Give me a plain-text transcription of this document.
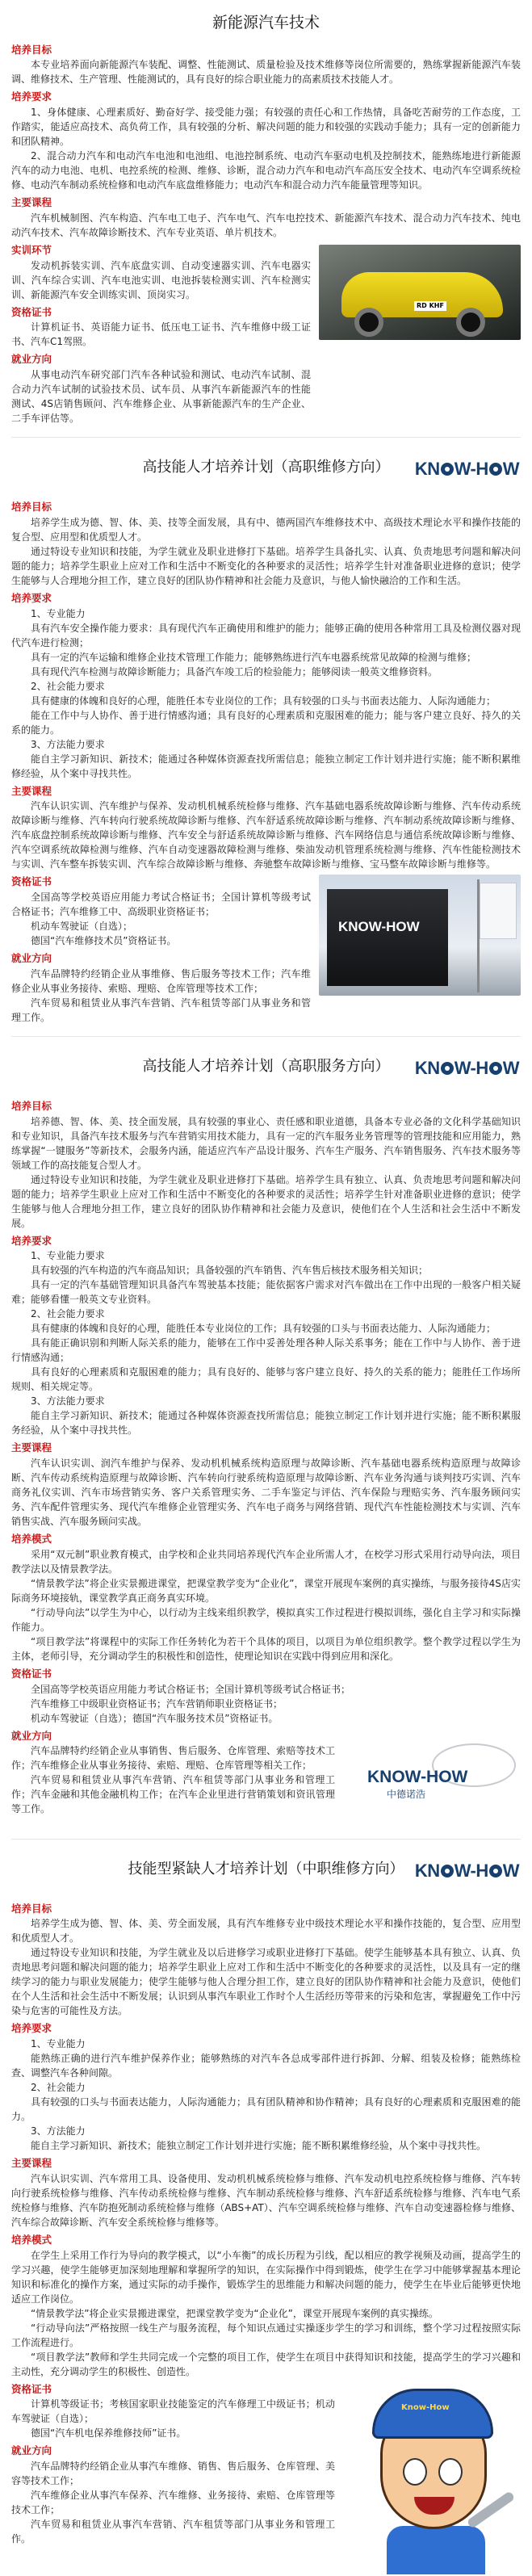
新能源汽车技术
培养目标

本专业培养面向新能源汽车装配、调整、性能测试、质量检验及技术维修等岗位所需要的，熟练掌握新能源汽车装调、维修技术、生产管理、性能测试的，具有良好的综合职业能力的高素质技术技能人才。

培养要求

1、身体健康、心理素质好、勤奋好学、接受能力强；有较强的责任心和工作热情，具备吃苦耐劳的工作态度，工作踏实，能适应高技术、高负荷工作，具有较强的分析、解决问题的能力和较强的实践动手能力；具有一定的创新能力和团队精神。

2、混合动力汽车和电动汽车电池和电池组、电池控制系统、电动汽车驱动电机及控制技术，能熟练地进行新能源汽车的动力电池、电机、电控系统的检测、维修、诊断，混合动力汽车和电动汽车高压安全技术、电动汽车空调系统检修、电动汽车制动系统检修和电动汽车底盘维修能力；电动汽车和混合动力汽车能量管理等知识。

主要课程

汽车机械制图、汽车构造、汽车电工电子、汽车电气、汽车电控技术、新能源汽车技术、混合动力汽车技术、纯电动汽车技术、汽车故障诊断技术、汽车专业英语、单片机技术。

实训环节

发动机拆装实训、汽车底盘实训、自动变速器实训、汽车电器实训、汽车综合实训、汽车电池实训、电池拆装检测实训、汽车检测实训、新能源汽车安全训练实训、顶岗实习。

资格证书

计算机证书、英语能力证书、低压电工证书、汽车维修中级工证书、汽车C1驾照。

就业方向

从事电动汽车研究部门汽车各种试验和测试、电动汽车试制、混合动力汽车试制的试验技术员、试车员、从事汽车新能源汽车的性能测试、4S店销售顾问、汽车维修企业、从事新能源汽车的生产企业、二手车评估等。

RD KHF
高技能人才培养计划（高职维修方向） KN W-H W
培养目标

培养学生成为德、智、体、美、技等全面发展，具有中、德两国汽车维修技术中、高级技术理论水平和操作技能的复合型、应用型和优质型人才。

通过特设专业知识和技能，为学生就业及职业进修打下基础。培养学生具备扎实、认真、负责地思考问题和解决问题的能力；培养学生职业上应对工作和生活中不断变化的各种要求的灵活性；培养学生针对准备职业进修的意识；使学生能够与人合理地分担工作，建立良好的团队协作精神和社会能力及意识，与他人愉快融洽的工作和生活。

培养要求

1、专业能力

具有汽车安全操作能力要求：具有现代汽车正确使用和维护的能力；能够正确的使用各种常用工具及检测仪器对现代汽车进行检测；

具有一定的汽车运输和维修企业技术管理工作能力；能够熟练进行汽车电器系统常见故障的检测与维修；

具有现代汽车检测与故障诊断能力；具备汽车竣工后的检验能力；能够阅读一般英文维修资料。

2、社会能力要求

具有健康的体魄和良好的心理，能胜任本专业岗位的工作；具有较强的口头与书面表达能力、人际沟通能力；

能在工作中与人协作、善于进行情感沟通；具有良好的心理素质和克服困难的能力；能与客户建立良好、持久的关系的能力。

3、方法能力要求

能自主学习新知识、新技术；能通过各种媒体资源查找所需信息；能独立制定工作计划并进行实施；能不断积累维修经验，从个案中寻找共性。

主要课程

汽车认识实训、汽车维护与保养、发动机机械系统检修与维修、汽车基础电器系统故障诊断与维修、汽车传动系统故障诊断与维修、汽车转向行驶系统故障诊断与维修、汽车舒适系统故障诊断与维修、汽车制动系统故障诊断与维修、汽车底盘控制系统故障诊断与维修、汽车安全与舒适系统故障诊断与维修、汽车网络信息与通信系统故障诊断与维修、汽车空调系统故障检测与维修、汽车自动变速器故障检测与维修、柴油发动机管理系统检测与维修、汽车性能检测技术与实训、汽车整车拆装实训、汽车综合故障诊断与维修、奔驰整车故障诊断与维修、宝马整车故障诊断与维修等。

资格证书

全国高等学校英语应用能力考试合格证书；全国计算机等级考试合格证书；汽车维修工中、高级职业资格证书；

机动车驾驶证（自选）；

德国“汽车维修技术员”资格证书。

就业方向

汽车品牌特约经销企业从事维修、售后服务等技术工作；汽车维修企业从事业务接待、索赔、理赔、仓库管理等技术工作；

汽车贸易和租赁业从事汽车营销、汽车租赁等部门从事业务和管理工作。

KNOW-HOW
高技能人才培养计划（高职服务方向） KN W-H W
培养目标

培养德、智、体、美、技全面发展，具有较强的事业心、责任感和职业道德，具备本专业必备的文化科学基础知识和专业知识，具备汽车技术服务与汽车营销实用技术能力，具有一定的汽车服务业务管理等的管理技能和应用能力，熟练掌握“一键服务”等新技术，会服务内涵，能适应汽车产品设计服务、汽车生产服务、汽车销售服务、汽车技术服务等领域工作的高技能复合型人才。

通过特设专业知识和技能，为学生就业及职业进修打下基础。培养学生具有独立、认真、负责地思考问题和解决问题的能力；培养学生职业上应对工作和生活中不断变化的各种要求的灵活性；培养学生针对准备职业进修的意识；使学生能够与他人合理地分担工作，建立良好的团队协作精神和社会能力及意识，使他们在个人生活和社会生活中不断发展。

培养要求

1、专业能力要求

具有较强的汽车构造的汽车商品知识；具备较强的汽车销售、汽车售后核技术服务相关知识；

具有一定的汽车基础管理知识具备汽车驾驶基本技能；能依据客户需求对汽车做出在工作中出现的一般客户相关疑难；能够看懂一般英文专业资料。

2、社会能力要求

具有健康的体魄和良好的心理，能胜任本专业岗位的工作；具有较强的口头与书面表达能力、人际沟通能力；

具有能正确识别和判断人际关系的能力，能够在工作中妥善处理各种人际关系事务；能在工作中与人协作、善于进行情感沟通；

具有良好的心理素质和克服困难的能力；具有良好的、能够与客户建立良好、持久的关系的能力；能胜任工作场所规则、相关规定等。

3、方法能力要求

能自主学习新知识、新技术；能通过各种媒体资源查找所需信息；能独立制定工作计划并进行实施；能不断积累服务经验，从个案中寻找共性。

主要课程

汽车认识实训、润汽车维护与保养、发动机机械系统构造原理与故障诊断、汽车基础电器系统构造原理与故障诊断、汽车传动系统构造原理与故障诊断、汽车转向行驶系统构造原理与故障诊断、汽车业务沟通与谈判技巧实训、汽车商务礼仪实训、汽车市场营销实务、客户关系管理实务、二手车鉴定与评估、汽车保险与理赔实务、汽车服务顾问实务、汽车配件管理实务、现代汽车维修企业管理实务、汽车电子商务与网络营销、现代汽车性能检测技术与实训、汽车销售实战、汽车服务顾问实战。

培养模式

采用“双元制”职业教育模式，由学校和企业共同培养现代汽车企业所需人才，在校学习形式采用行动导向法，项目教学法以及情景教学法。

“情景教学法”将企业实景搬进课堂，把课堂教学变为“企业化”，课堂开展现车案例的真实操练，与服务接待4S店实际商务环境接轨，课堂教学真正商务真实环境。

“行动导向法”以学生为中心，以行动为主线来组织教学，模拟真实工作过程进行模拟训练，强化自主学习和实际操作能力。

“项目教学法”将课程中的实际工作任务转化为若干个具体的项目，以项目为单位组织教学。整个教学过程以学生为主体，老师引导，充分调动学生的积极性和创造性，使理论知识在实践中得到应用和深化。

资格证书

全国高等学校英语应用能力考试合格证书；全国计算机等级考试合格证书；

汽车维修工中级职业资格证书；汽车营销师职业资格证书；

机动车驾驶证（自选）；德国“汽车服务技术员”资格证书。

就业方向

汽车品牌特约经销企业从事销售、售后服务、仓库管理、索赔等技术工作；汽车维修企业从事业务接待、索赔、理赔、仓库管理等相关工作；

汽车贸易和租赁业从事汽车营销、汽车租赁等部门从事业务和管理工作；汽车金融和其他金融机构工作；在汽车企业里进行营销策划和资讯管理等工作。

KNOW-HOW
中德诺浩
技能型紧缺人才培养计划（中职维修方向） KN W-H W
培养目标

培养学生成为德、智、体、美、劳全面发展，具有汽车维修专业中级技术理论水平和操作技能的，复合型、应用型和优质型人才。

通过特设专业知识和技能，为学生就业及以后进修学习或职业进修打下基础。使学生能够基本具有独立、认真、负责地思考问题和解决问题的能力；培养学生职业上应对工作和生活中不断变化的各种要求的灵活性，以及具有一定的继续学习的能力与职业发展能力；使学生能够与他人合理分担工作，建立良好的团队协作精神和社会能力及意识，使他们在个人生活和社会生活中不断发展；认识到从事汽车职业工作时个人生活经历等带来的污染和危害，掌握避免工作中污染与危害的可能性及方法。

培养要求

1、专业能力

能熟练正确的进行汽车维护保养作业；能够熟练的对汽车各总成零部件进行拆卸、分解、组装及检修；能熟练检查、调整汽车各种间隙。

2、社会能力

具有较强的口头与书面表达能力，人际沟通能力；具有团队精神和协作精神；具有良好的心理素质和克服困难的能力。

3、方法能力

能自主学习新知识、新技术；能独立制定工作计划并进行实施；能不断积累维修经验，从个案中寻找共性。

主要课程

汽车认识实训、汽车常用工具、设备使用、发动机机械系统检修与维修、汽车发动机电控系统检修与维修、汽车转向行驶系统检修与维修、汽车传动系统检修与维修、汽车制动系统检修与维修、汽车舒适系统检修与维修、汽车电气系统检修与维修、汽车防抱死制动系统检修与维修（ABS+AT）、汽车空调系统检修与维修、汽车自动变速器检修与维修、汽车综合故障诊断、汽车安全系统检修与维修等。

培养模式

在学生上采用工作行为导向的教学模式，以“小车衡”的成长历程为引线，配以相应的教学视频及动画，提高学生的学习兴趣，使学生能够更加深刻地理解和掌握所学的知识，在实际操作中得到锻炼，使学生在学习中能够掌握基本理论知识和标准化的操作方案，通过实际的动手操作，锻炼学生的思维能力和解决问题的能力，使学生在毕业后能够更快地适应工作岗位。

“情景教学法”将企业实景搬进课堂，把课堂教学变为“企业化”，课堂开展现车案例的真实操练。

“行动导向法”严格按照一线生产与服务流程，每个知识点通过实操逐步学生的学习和训练，整个学习过程按照实际工作流程进行。

“项目教学法”教师和学生共同完成一个完整的项目工作，使学生在项目中获得知识和技能，提高学生的学习兴趣和主动性，充分调动学生的积极性、创造性。

资格证书

计算机等级证书；考核国家职业技能鉴定的汽车修理工中级证书；机动车驾驶证（自选）；

德国“汽车机电保养维修技师”证书。

就业方向

汽车品牌特约经销企业从事汽车维修、销售、售后服务、仓库管理、美容等技术工作；

汽车维修企业从事汽车保养、汽车维修、业务接待、索赔、仓库管理等技术工作；

汽车贸易和租赁业从事汽车营销、汽车租赁等部门从事业务和管理工作。

Know-How
